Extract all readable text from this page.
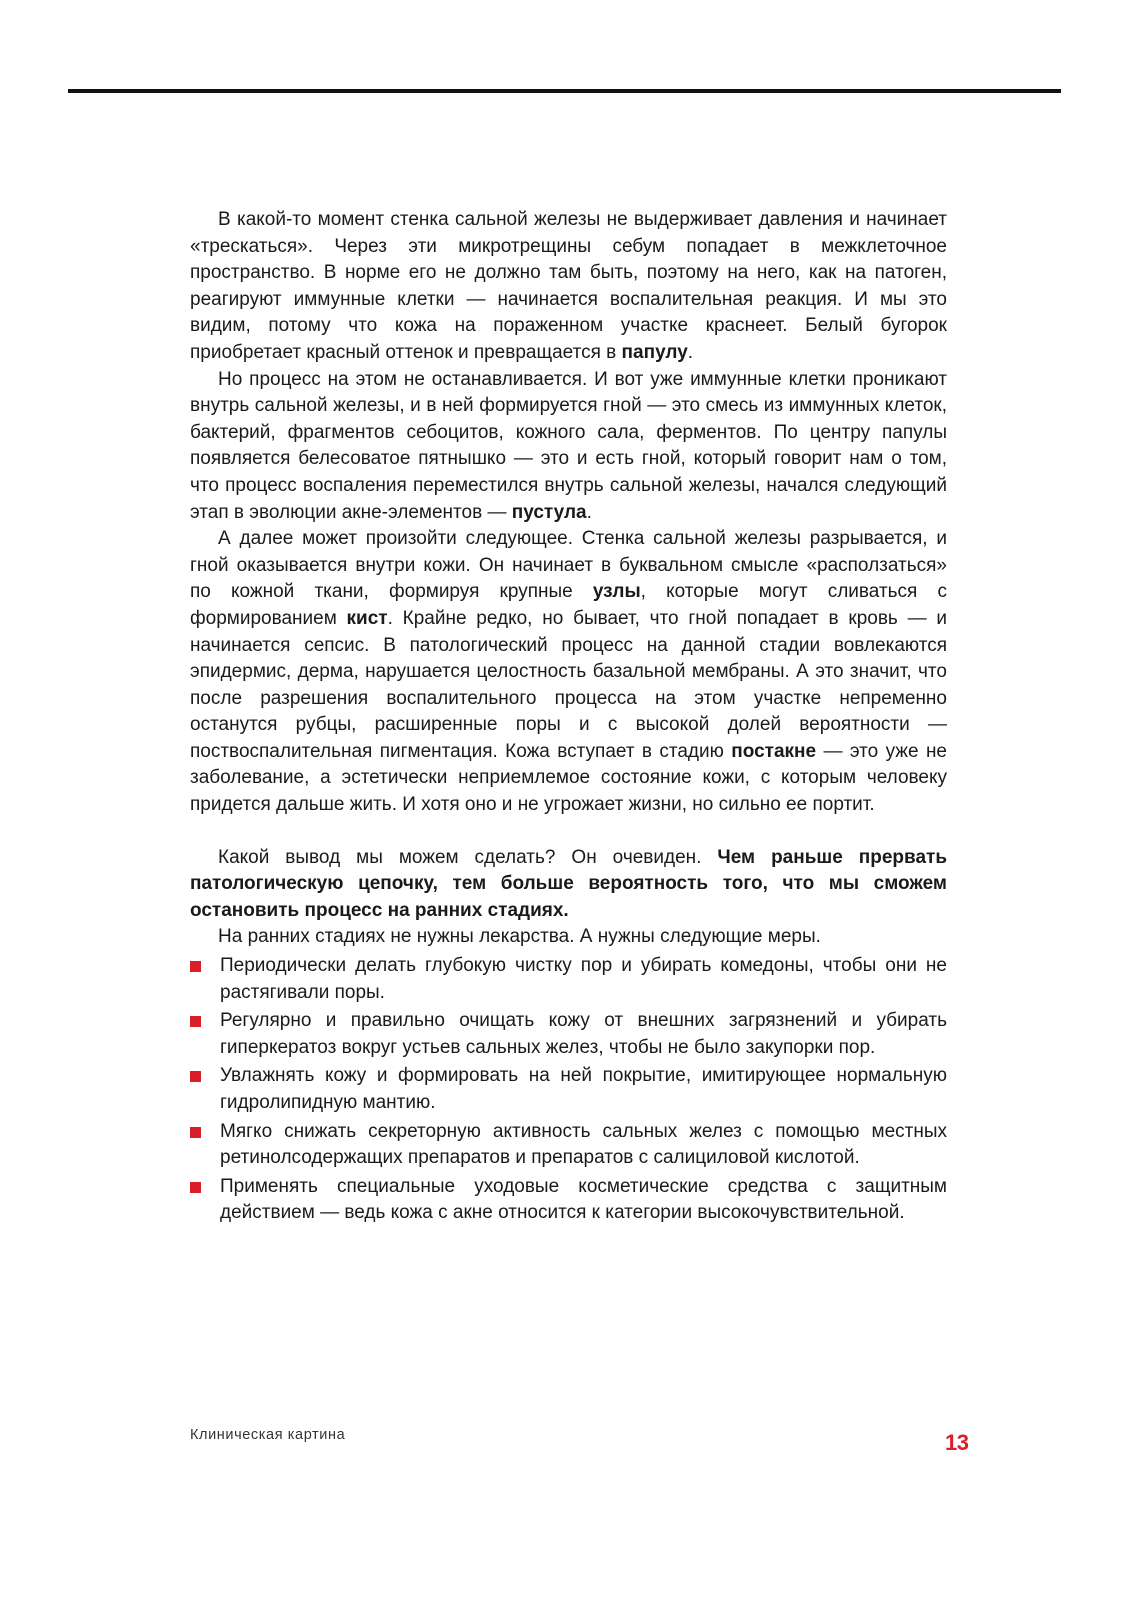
В какой-то момент стенка сальной железы не выдерживает давления и начинает «трескаться». Через эти микротрещины себум попадает в межклеточное пространство. В норме его не должно там быть, поэтому на него, как на патоген, реагируют иммунные клетки — начинается воспалительная реакция. И мы это видим, потому что кожа на пораженном участке краснеет. Белый бугорок приобретает красный оттенок и превращается в папулу.

Но процесс на этом не останавливается. И вот уже иммунные клетки проникают внутрь сальной железы, и в ней формируется гной — это смесь из иммунных клеток, бактерий, фрагментов себоцитов, кожного сала, ферментов. По центру папулы появляется белесоватое пятнышко — это и есть гной, который говорит нам о том, что процесс воспаления переместился внутрь сальной железы, начался следующий этап в эволюции акне-элементов — пустула.

А далее может произойти следующее. Стенка сальной железы разрывается, и гной оказывается внутри кожи. Он начинает в буквальном смысле «расползаться» по кожной ткани, формируя крупные узлы, которые могут сливаться с формированием кист. Крайне редко, но бывает, что гной попадает в кровь — и начинается сепсис. В патологический процесс на данной стадии вовлекаются эпидермис, дерма, нарушается целостность базальной мембраны. А это значит, что после разрешения воспалительного процесса на этом участке непременно останутся рубцы, расширенные поры и с высокой долей вероятности — поствоспалительная пигментация. Кожа вступает в стадию постакне — это уже не заболевание, а эстетически неприемлемое состояние кожи, с которым человеку придется дальше жить. И хотя оно и не угрожает жизни, но сильно ее портит.

Какой вывод мы можем сделать? Он очевиден. Чем раньше прервать патологическую цепочку, тем больше вероятность того, что мы сможем остановить процесс на ранних стадиях.

На ранних стадиях не нужны лекарства. А нужны следующие меры.

Периодически делать глубокую чистку пор и убирать комедоны, чтобы они не растягивали поры.
Регулярно и правильно очищать кожу от внешних загрязнений и убирать гиперкератоз вокруг устьев сальных желез, чтобы не было закупорки пор.
Увлажнять кожу и формировать на ней покрытие, имитирующее нормальную гидролипидную мантию.
Мягко снижать секреторную активность сальных желез с помощью местных ретинолсодержащих препаратов и препаратов с салициловой кислотой.
Применять специальные уходовые косметические средства с защитным действием — ведь кожа с акне относится к категории высокочувствительной.
Клиническая картина	13
